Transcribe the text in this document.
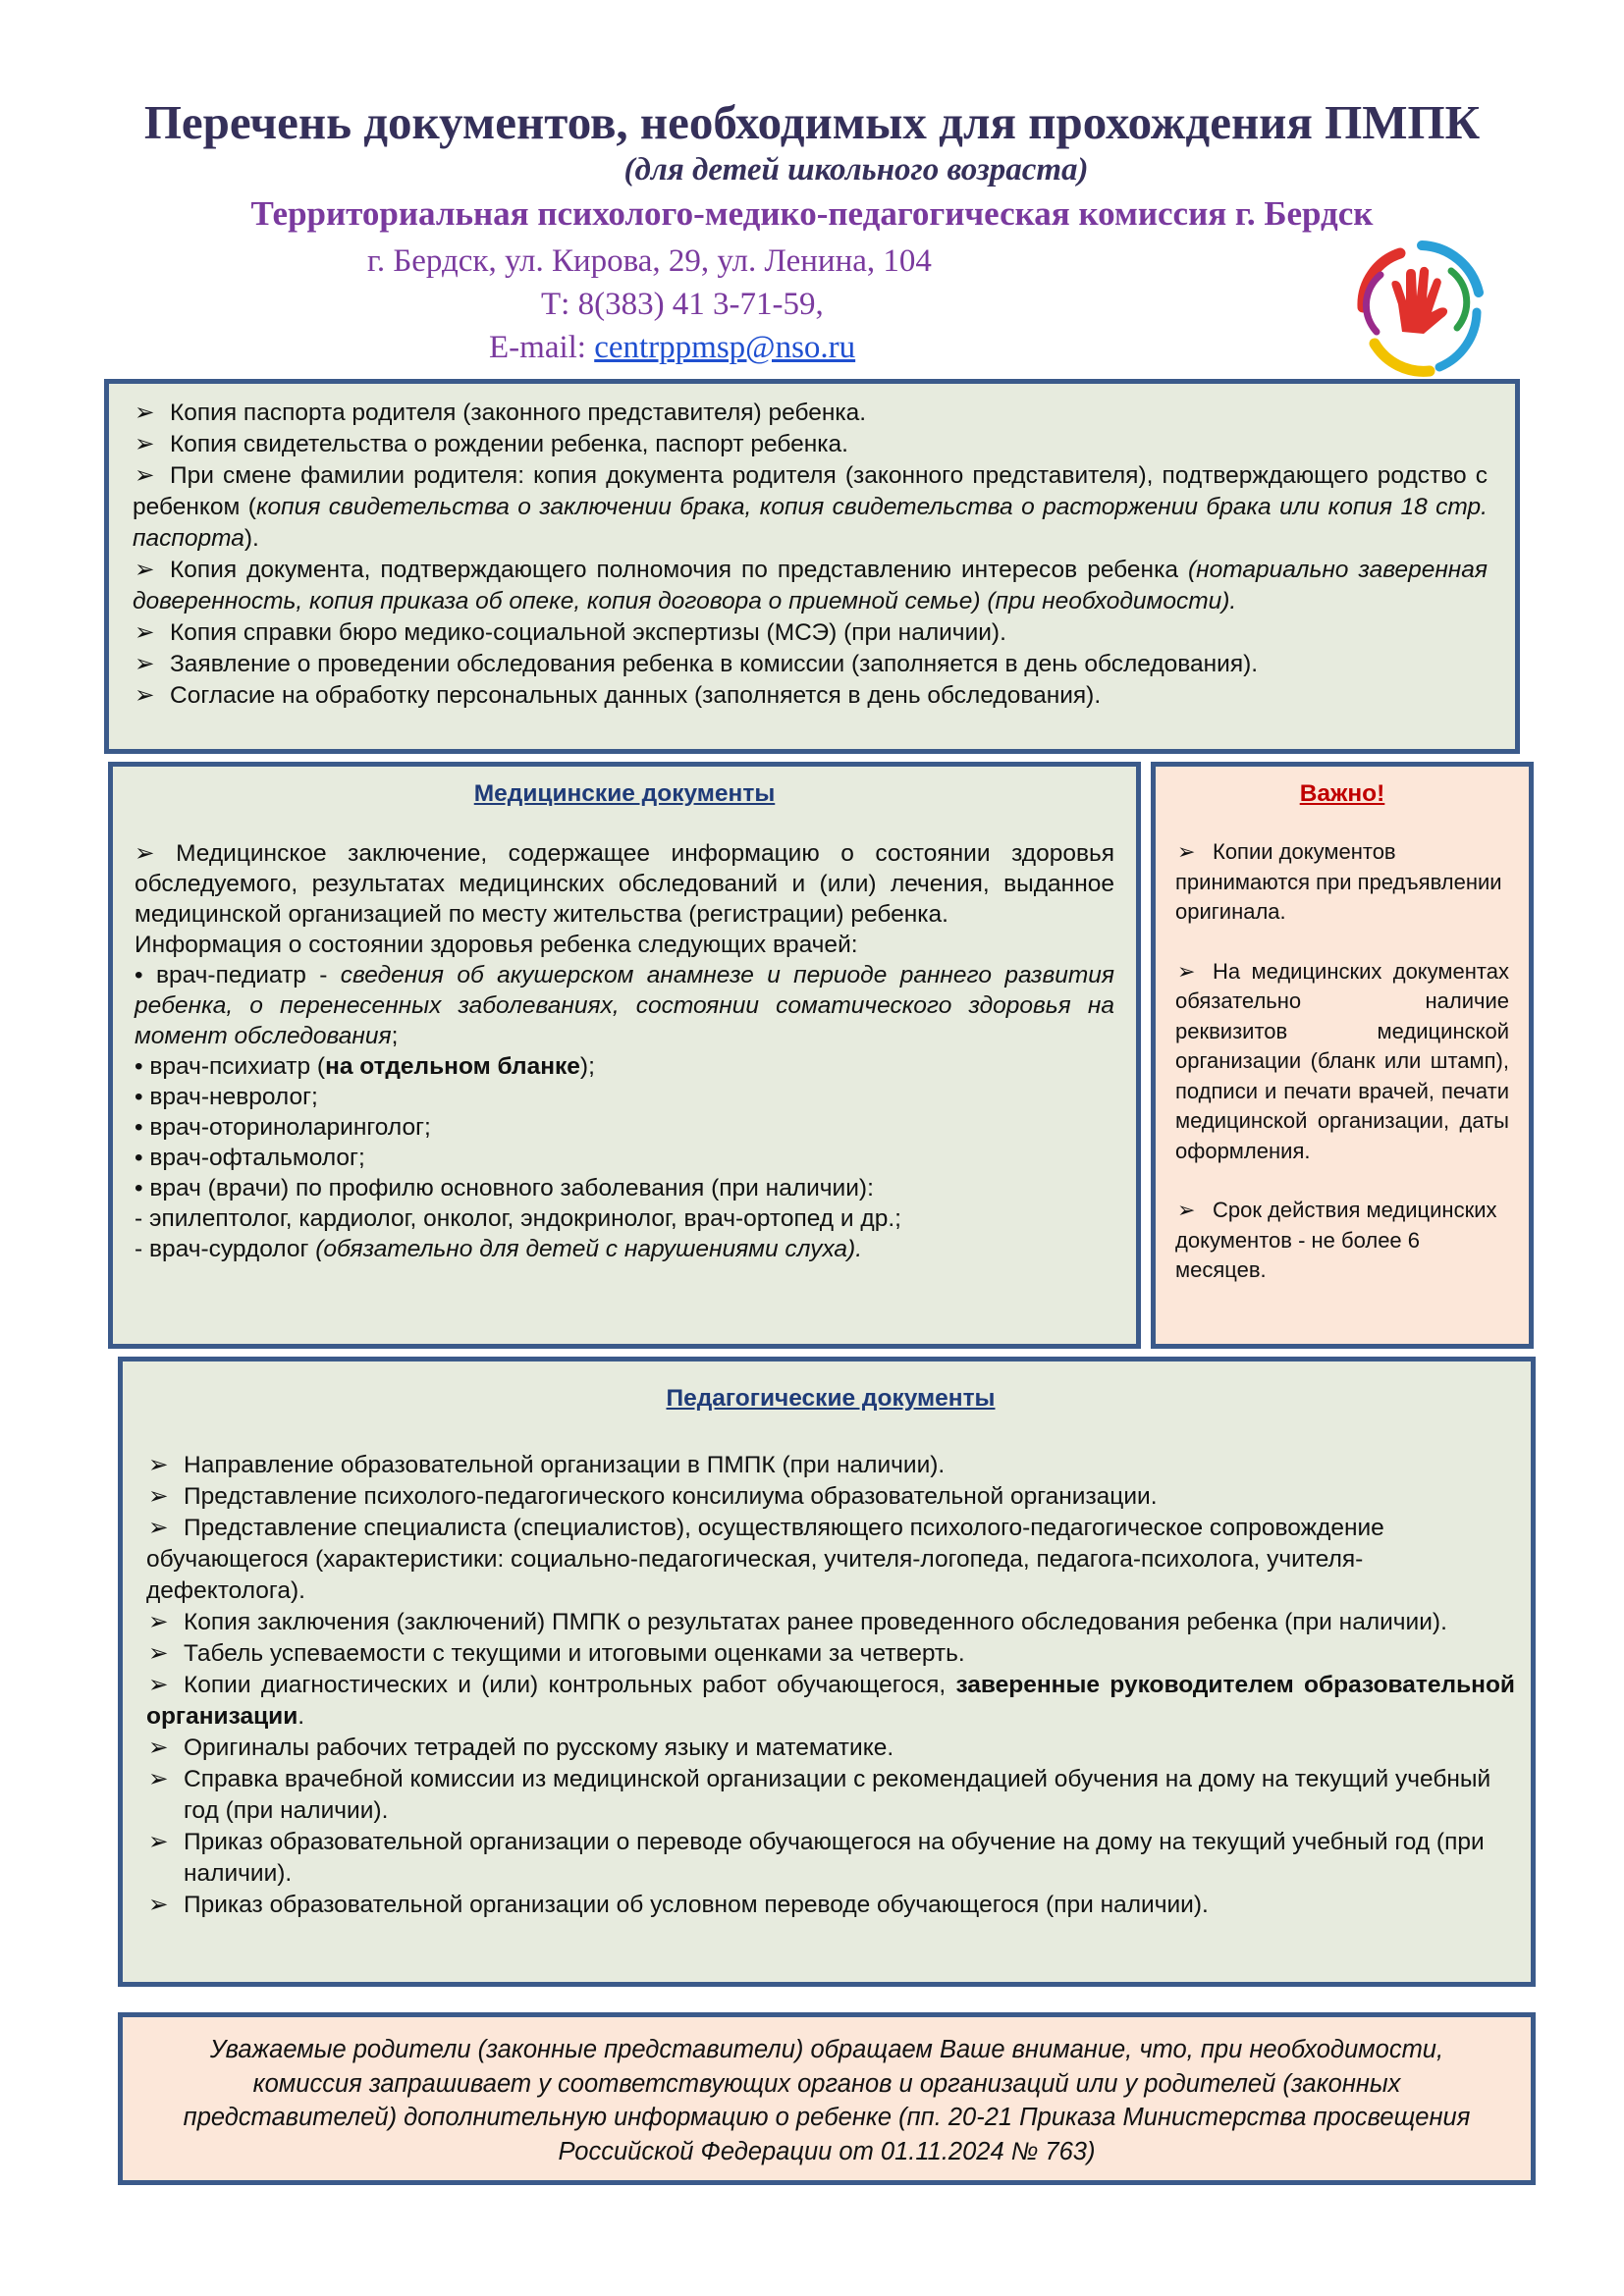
Перечень документов, необходимых для прохождения ПМПК
(для детей школьного возраста)
Территориальная психолого-медико-педагогическая комиссия г. Бердск
г. Бердск, ул. Кирова, 29, ул. Ленина, 104
Т: 8(383) 41 3-71-59,
E-mail: centrppmsp@nso.ru
➢ Копия паспорта родителя (законного представителя) ребенка.
➢ Копия свидетельства о рождении ребенка, паспорт ребенка.
➢ При смене фамилии родителя: копия документа родителя (законного представителя), подтверждающего родство с ребенком (копия свидетельства о заключении брака, копия свидетельства о расторжении брака или копия 18 стр. паспорта).
➢ Копия документа, подтверждающего полномочия по представлению интересов ребенка (нотариально заверенная доверенность, копия приказа об опеке, копия договора о приемной семье) (при необходимости).
➢ Копия справки бюро медико-социальной экспертизы (МСЭ) (при наличии).
➢ Заявление о проведении обследования ребенка в комиссии (заполняется в день обследования).
➢ Согласие на обработку персональных данных (заполняется в день обследования).
Медицинские документы
➢ Медицинское заключение, содержащее информацию о состоянии здоровья обследуемого, результатах медицинских обследований и (или) лечения, выданное медицинской организацией по месту жительства (регистрации) ребенка.
Информация о состоянии здоровья ребенка следующих врачей:
• врач-педиатр - сведения об акушерском анамнезе и периоде раннего развития ребенка, о перенесенных заболеваниях, состоянии соматического здоровья на момент обследования;
• врач-психиатр (на отдельном бланке);
• врач-невролог;
• врач-оториноларинголог;
• врач-офтальмолог;
• врач (врачи) по профилю основного заболевания (при наличии):
- эпилептолог, кардиолог, онколог, эндокринолог, врач-ортопед и др.;
- врач-сурдолог (обязательно для детей с нарушениями слуха).
Важно!
➢ Копии документов принимаются при предъявлении оригинала.
➢ На медицинских документах обязательно наличие реквизитов медицинской организации (бланк или штамп), подписи и печати врачей, печати медицинской организации, даты оформления.
➢ Срок действия медицинских документов - не более 6 месяцев.
Педагогические документы
➢ Направление образовательной организации в ПМПК (при наличии).
➢ Представление психолого-педагогического консилиума образовательной организации.
➢ Представление специалиста (специалистов), осуществляющего психолого-педагогическое сопровождение обучающегося (характеристики: социально-педагогическая, учителя-логопеда, педагога-психолога, учителя-дефектолога).
➢ Копия заключения (заключений) ПМПК о результатах ранее проведенного обследования ребенка (при наличии).
➢ Табель успеваемости с текущими и итоговыми оценками за четверть.
➢ Копии диагностических и (или) контрольных работ обучающегося, заверенные руководителем образовательной организации.
➢ Оригиналы рабочих тетрадей по русскому языку и математике.
➢ Справка врачебной комиссии из медицинской организации с рекомендацией обучения на дому на текущий учебный год (при наличии).
➢ Приказ образовательной организации о переводе обучающегося на обучение на дому на текущий учебный год (при наличии).
➢ Приказ образовательной организации об условном переводе обучающегося (при наличии).
Уважаемые родители (законные представители) обращаем Ваше внимание, что, при необходимости, комиссия запрашивает у соответствующих органов и организаций или у родителей (законных представителей) дополнительную информацию о ребенке (пп. 20-21 Приказа Министерства просвещения Российской Федерации от 01.11.2024 № 763)
